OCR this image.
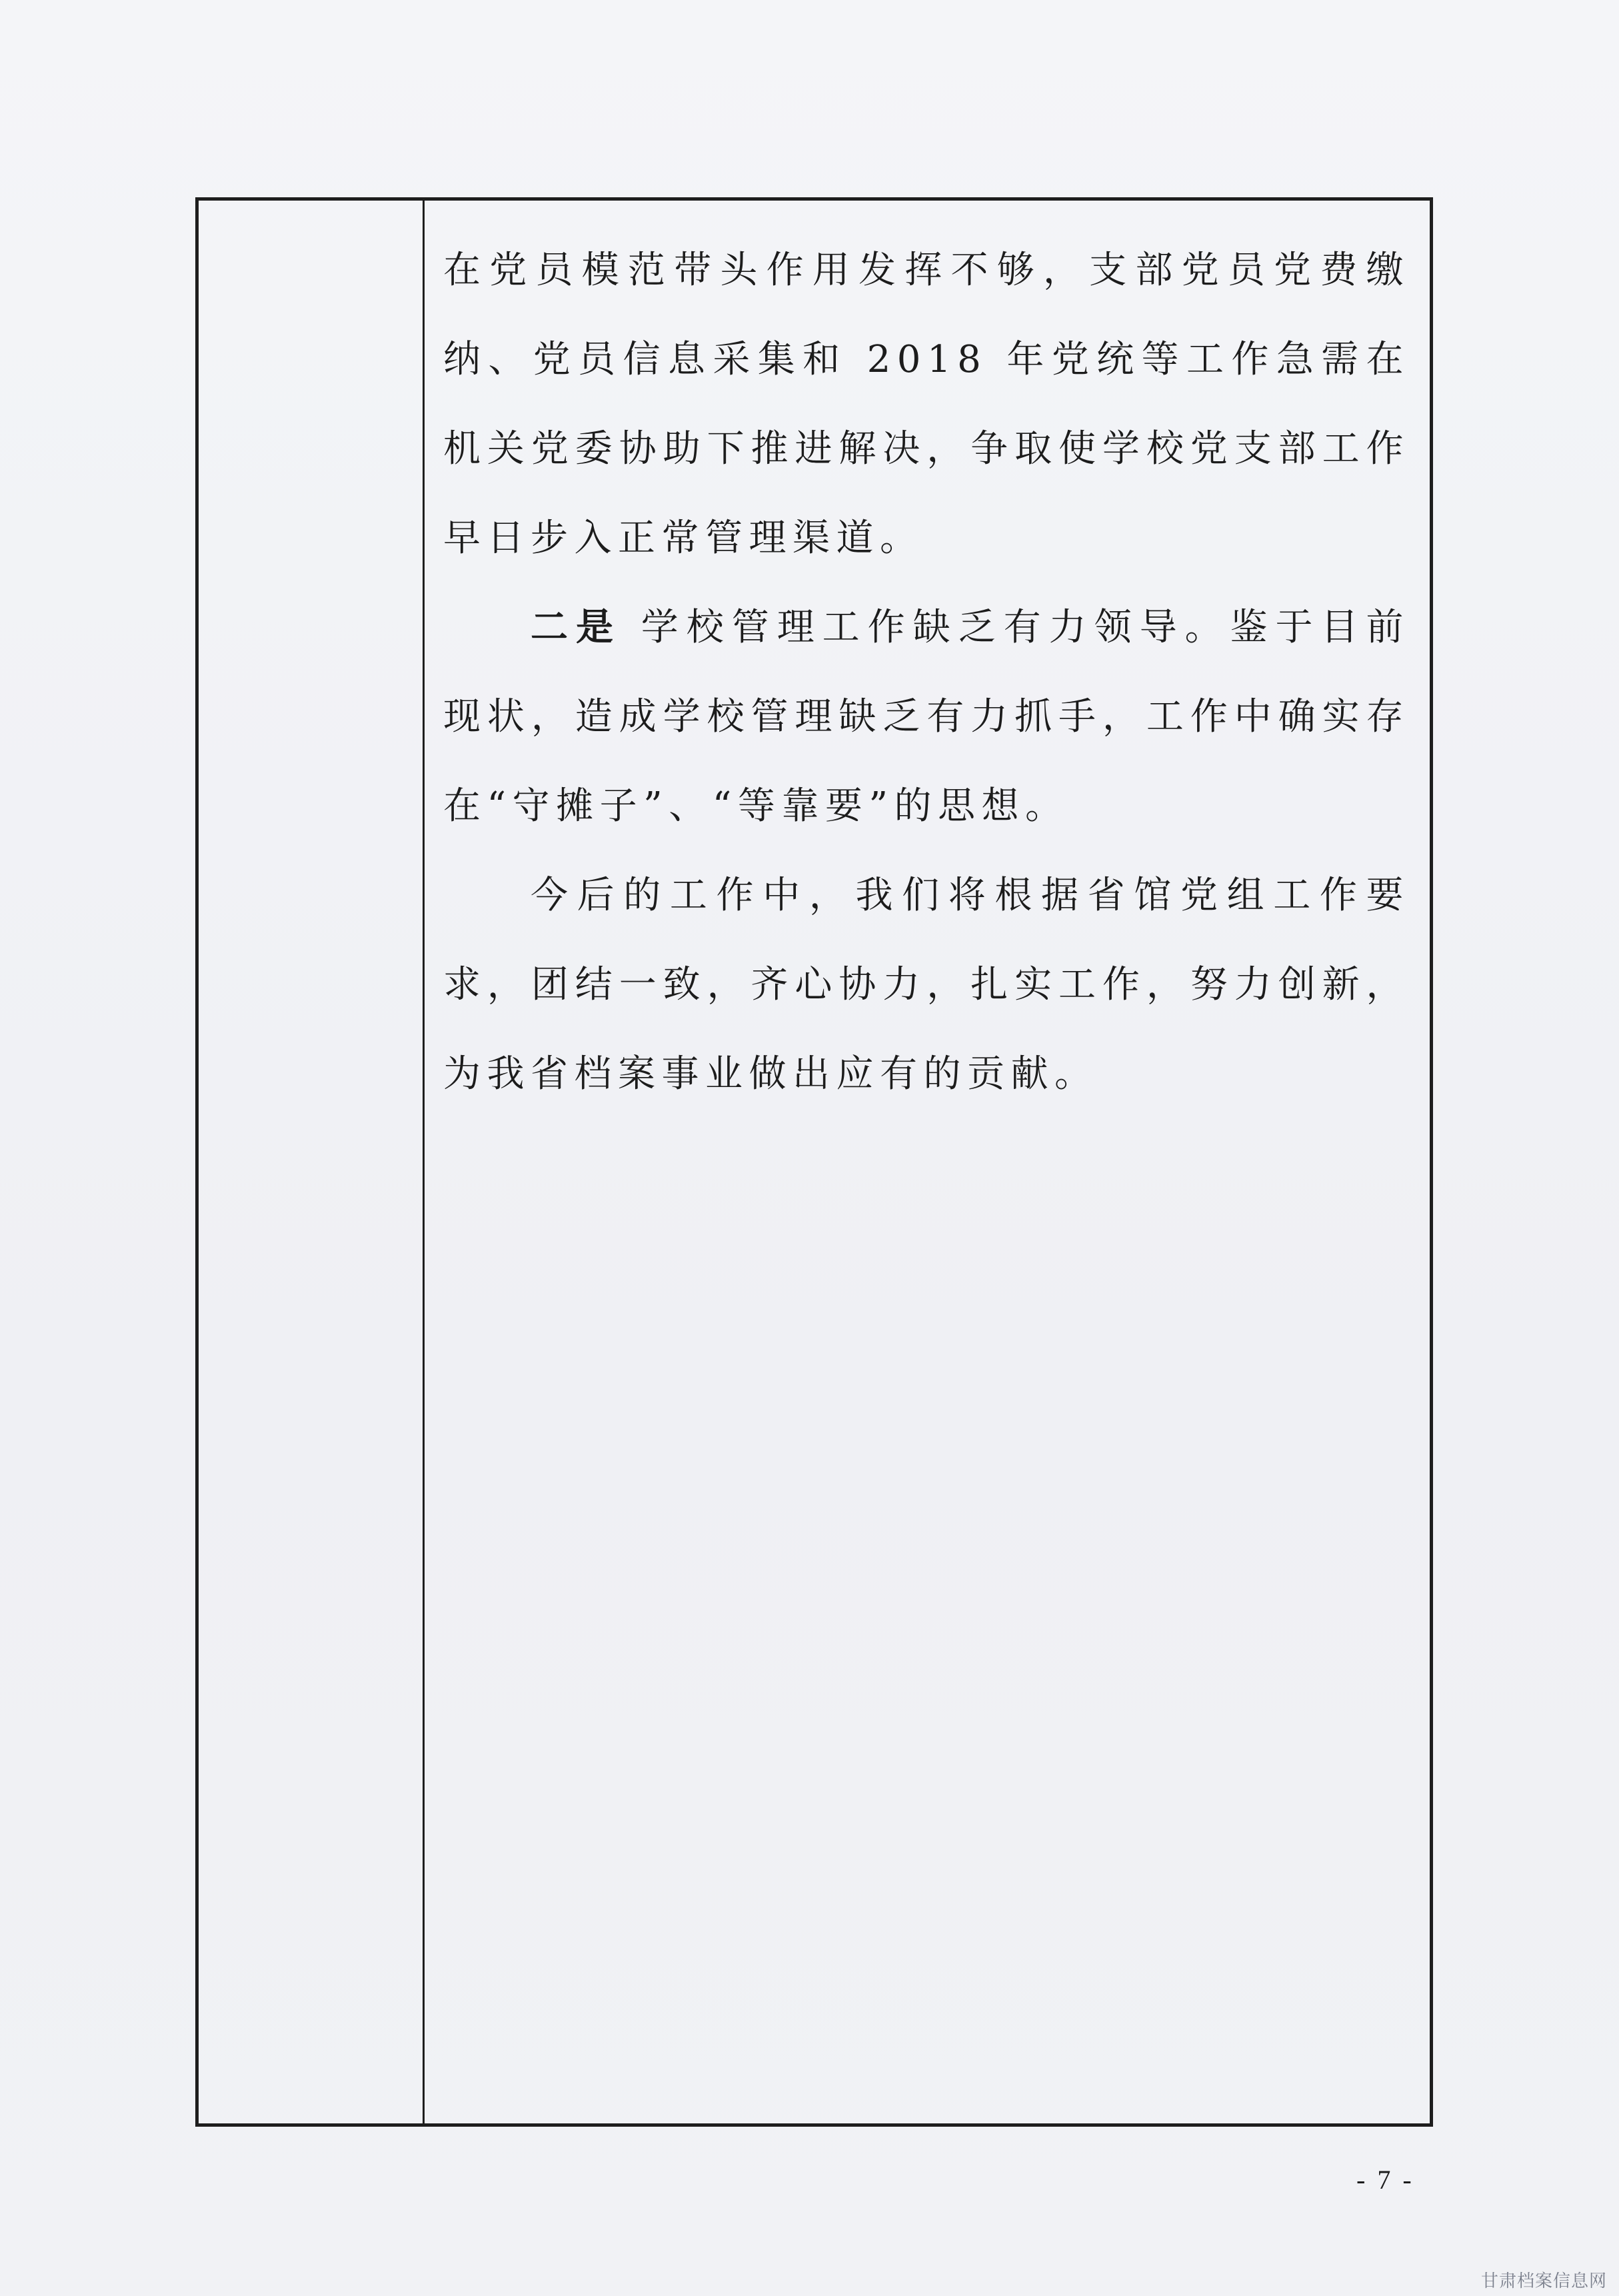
在党员模范带头作用发挥不够，支部党员党费缴纳、党员信息采集和 2018 年党统等工作急需在机关党委协助下推进解决，争取使学校党支部工作早日步入正常管理渠道。

二是 学校管理工作缺乏有力领导。鉴于目前现状，造成学校管理缺乏有力抓手，工作中确实存在“守摊子”、“等靠要”的思想。

今后的工作中，我们将根据省馆党组工作要求，团结一致，齐心协力，扎实工作，努力创新，为我省档案事业做出应有的贡献。

- 7 -
甘肃档案信息网
